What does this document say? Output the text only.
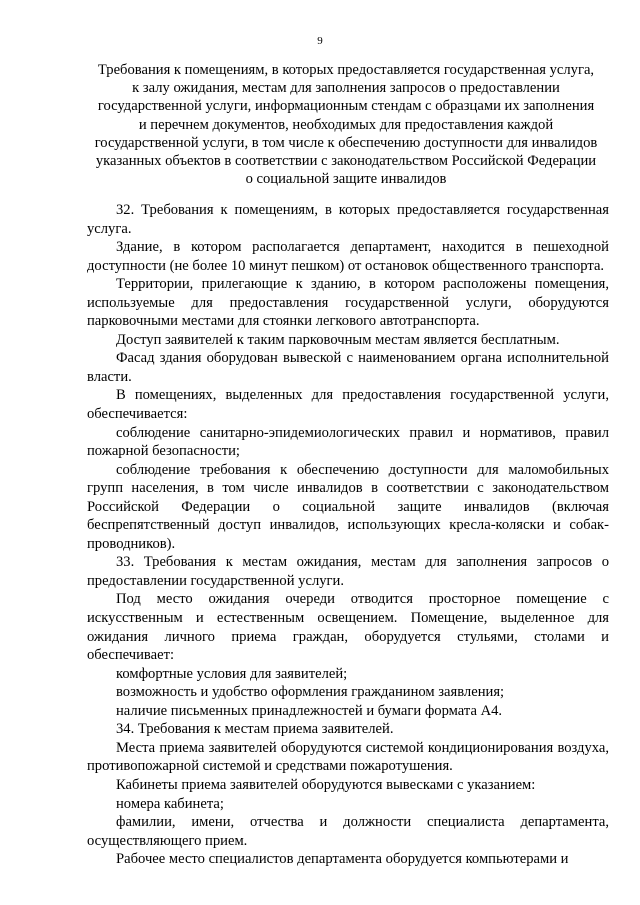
9
Требования к помещениям, в которых предоставляется государственная услуга,
к залу ожидания, местам для заполнения запросов о предоставлении
государственной услуги, информационным стендам с образцами их заполнения
и перечнем документов, необходимых для предоставления каждой
государственной услуги, в том числе к обеспечению доступности для инвалидов
указанных объектов в соответствии с законодательством Российской Федерации
о социальной защите инвалидов

32. Требования к помещениям, в которых предоставляется государственная услуга.

Здание, в котором располагается департамент, находится в пешеходной доступности (не более 10 минут пешком) от остановок общественного транспорта.

Территории, прилегающие к зданию, в котором расположены помещения, используемые для предоставления государственной услуги, оборудуются парковочными местами для стоянки легкового автотранспорта.

Доступ заявителей к таким парковочным местам является бесплатным.

Фасад здания оборудован вывеской с наименованием органа исполнительной власти.

В помещениях, выделенных для предоставления государственной услуги, обеспечивается:

соблюдение санитарно-эпидемиологических правил и нормативов, правил пожарной безопасности;

соблюдение требования к обеспечению доступности для маломобильных групп населения, в том числе инвалидов в соответствии с законодательством Российской Федерации о социальной защите инвалидов (включая беспрепятственный доступ инвалидов, использующих кресла-коляски и собак-проводников).

33. Требования к местам ожидания, местам для заполнения запросов о предоставлении государственной услуги.

Под место ожидания очереди отводится просторное помещение с искусственным и естественным освещением. Помещение, выделенное для ожидания личного приема граждан, оборудуется стульями, столами и обеспечивает:

комфортные условия для заявителей;

возможность и удобство оформления гражданином заявления;

наличие письменных принадлежностей и бумаги формата А4.

34. Требования к местам приема заявителей.

Места приема заявителей оборудуются системой кондиционирования воздуха, противопожарной системой и средствами пожаротушения.

Кабинеты приема заявителей оборудуются вывесками с указанием:

номера кабинета;

фамилии, имени, отчества и должности специалиста департамента, осуществляющего прием.

Рабочее место специалистов департамента оборудуется компьютерами и
